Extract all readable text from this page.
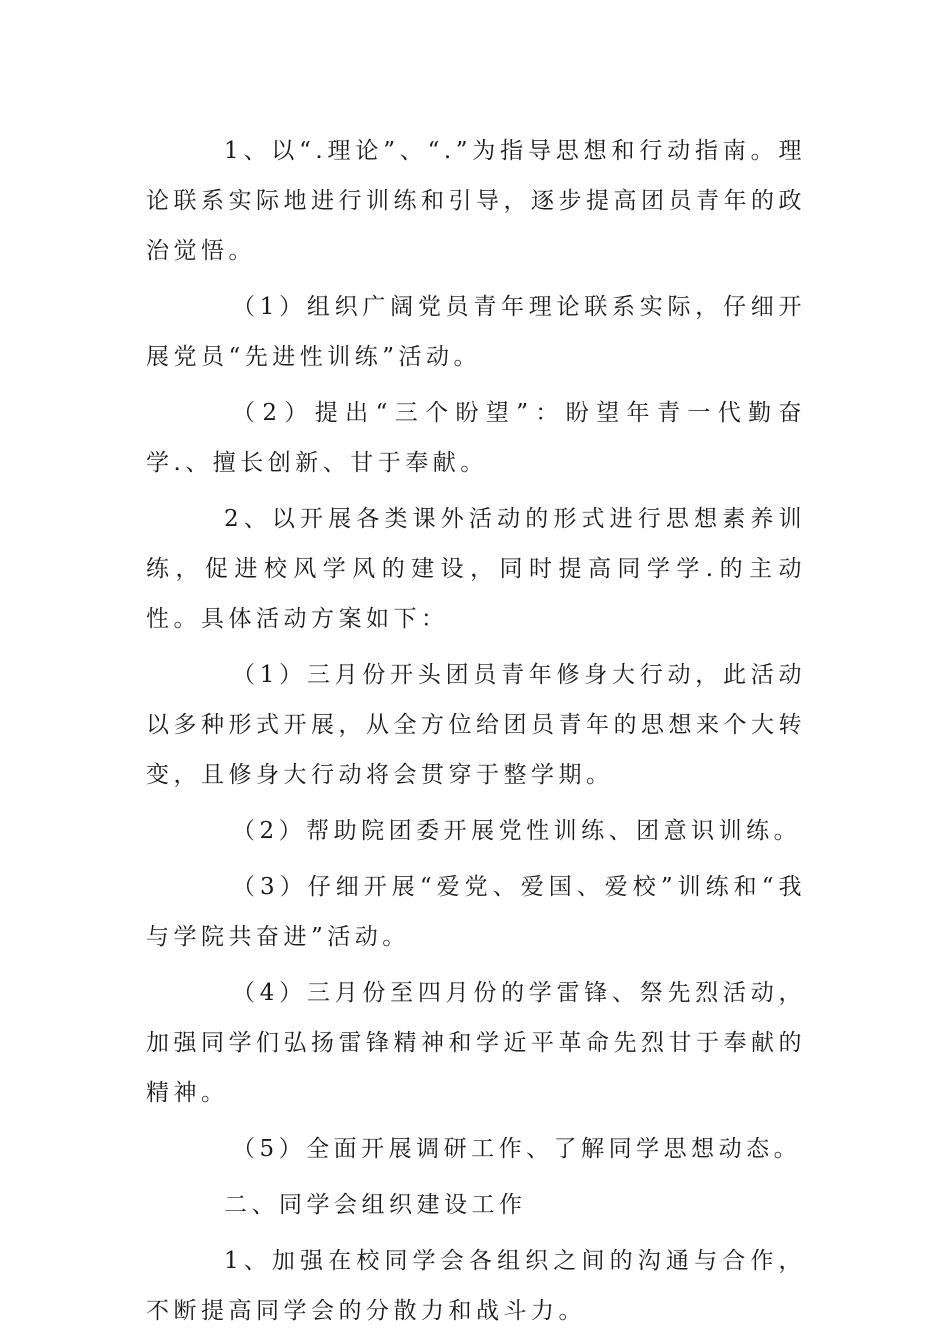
1、以“.理论”、“.”为指导思想和行动指南。理论联系实际地进行训练和引导，逐步提高团员青年的政治觉悟。

（1）组织广阔党员青年理论联系实际，仔细开展党员“先进性训练”活动。

（2）提出“三个盼望”：盼望年青一代勤奋学.、擅长创新、甘于奉献。

2、以开展各类课外活动的形式进行思想素养训练，促进校风学风的建设，同时提高同学学.的主动性。具体活动方案如下：

（1）三月份开头团员青年修身大行动，此活动以多种形式开展，从全方位给团员青年的思想来个大转变，且修身大行动将会贯穿于整学期。

（2）帮助院团委开展党性训练、团意识训练。

（3）仔细开展“爱党、爱国、爱校”训练和“我与学院共奋进”活动。

（4）三月份至四月份的学雷锋、祭先烈活动，加强同学们弘扬雷锋精神和学近平革命先烈甘于奉献的精神。

（5）全面开展调研工作、了解同学思想动态。

二、同学会组织建设工作

1、加强在校同学会各组织之间的沟通与合作，不断提高同学会的分散力和战斗力。
